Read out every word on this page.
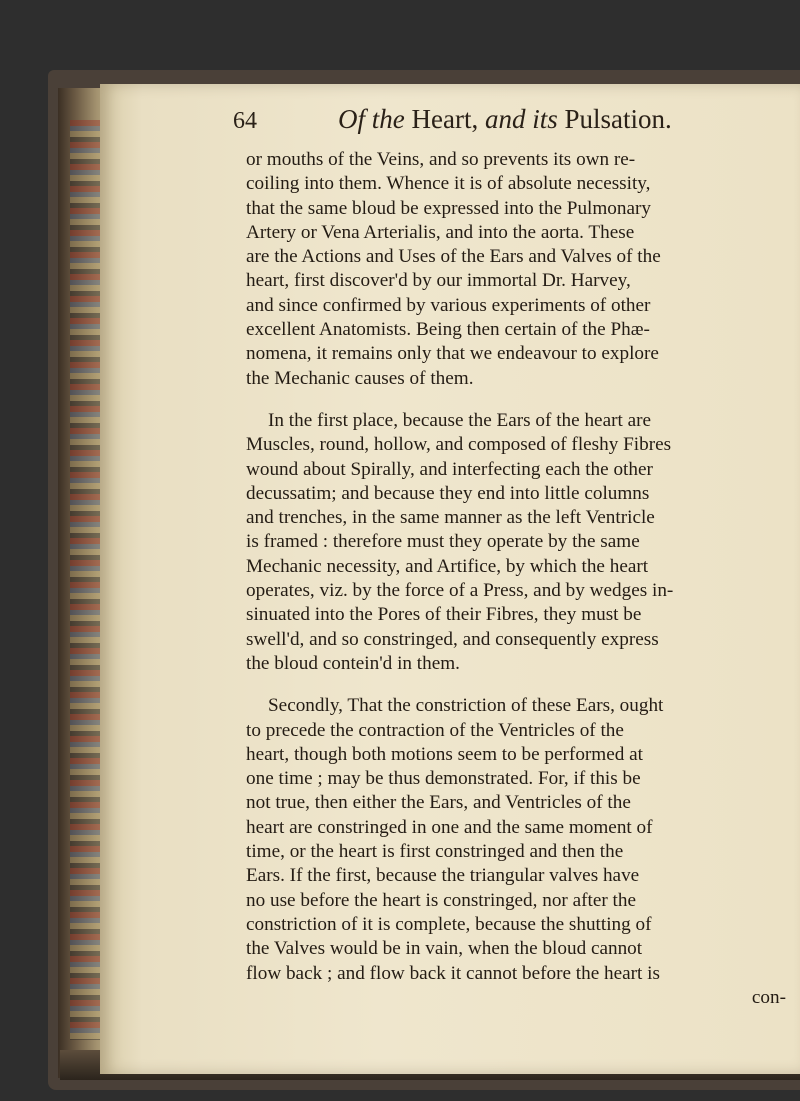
64	Of the Heart, and its Pulsation.

or mouths of the Veins, and so prevents its own re-
coiling into them. Whence it is of absolute necessity,
that the same bloud be expressed into the Pulmonary
Artery or Vena Arterialis, and into the aorta. These
are the Actions and Uses of the Ears and Valves of the
heart, first discover'd by our immortal Dr. Harvey,
and since confirmed by various experiments of other
excellent Anatomists. Being then certain of the Phæ-
nomena, it remains only that we endeavour to explore
the Mechanic causes of them.

In the first place, because the Ears of the heart are
Muscles, round, hollow, and composed of fleshy Fibres
wound about Spirally, and interfecting each the other
decussatim; and because they end into little columns
and trenches, in the same manner as the left Ventricle
is framed : therefore must they operate by the same
Mechanic necessity, and Artifice, by which the heart
operates, viz. by the force of a Press, and by wedges in-
sinuated into the Pores of their Fibres, they must be
swell'd, and so constringed, and consequently express
the bloud contein'd in them.

Secondly, That the constriction of these Ears, ought
to precede the contraction of the Ventricles of the
heart, though both motions seem to be performed at
one time ; may be thus demonstrated. For, if this be
not true, then either the Ears, and Ventricles of the
heart are constringed in one and the same moment of
time, or the heart is first constringed and then the
Ears. If the first, because the triangular valves have
no use before the heart is constringed, nor after the
constriction of it is complete, because the shutting of
the Valves would be in vain, when the bloud cannot
flow back ; and flow back it cannot before the heart is

con-
